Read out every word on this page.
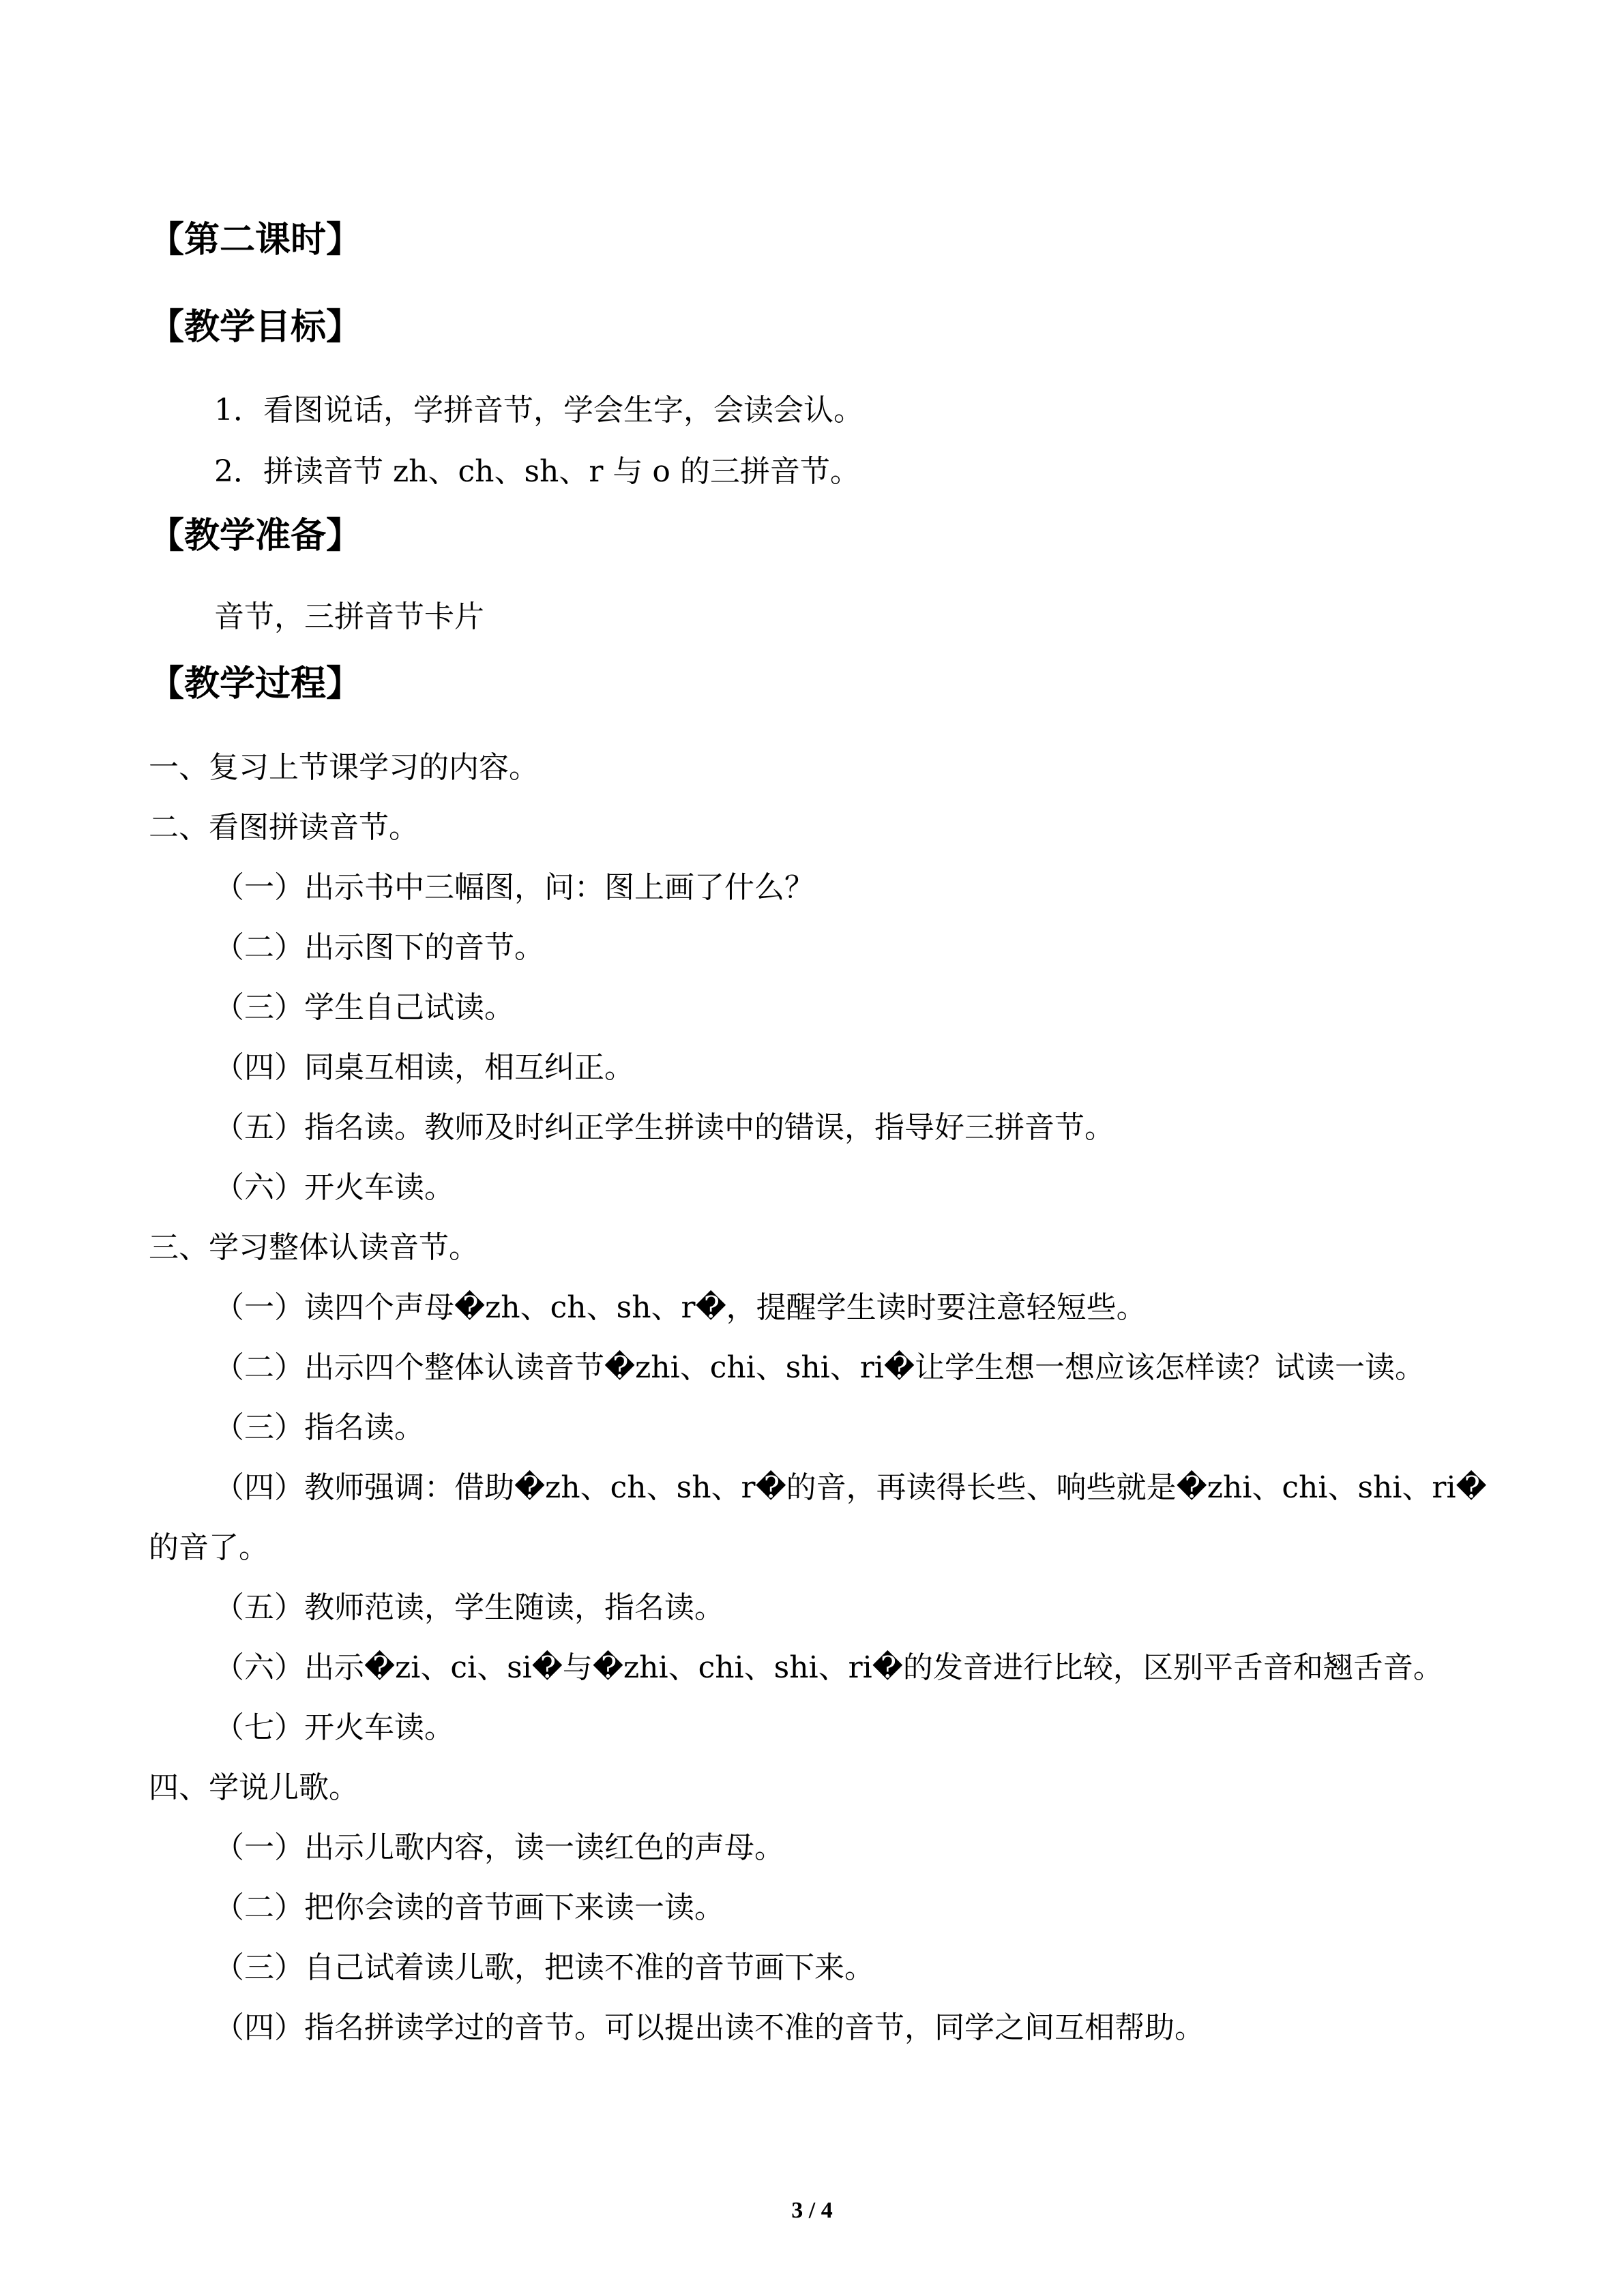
【第二课时】
【教学目标】
1．看图说话，学拼音节，学会生字，会读会认。
2．拼读音节 zh、ch、sh、r 与 o 的三拼音节。
【教学准备】
音节，三拼音节卡片
【教学过程】
一、复习上节课学习的内容。
二、看图拼读音节。
（一）出示书中三幅图，问：图上画了什么？
（二）出示图下的音节。
（三）学生自己试读。
（四）同桌互相读，相互纠正。
（五）指名读。教师及时纠正学生拼读中的错误，指导好三拼音节。
（六）开火车读。
三、学习整体认读音节。
（一）读四个声母�zh、ch、sh、r�，提醒学生读时要注意轻短些。
（二）出示四个整体认读音节�zhi、chi、shi、ri�让学生想一想应该怎样读？试读一读。
（三）指名读。
（四）教师强调：借助�zh、ch、sh、r�的音，再读得长些、响些就是�zhi、chi、shi、ri�
的音了。
（五）教师范读，学生随读，指名读。
（六）出示�zi、ci、si�与�zhi、chi、shi、ri�的发音进行比较，区别平舌音和翘舌音。
（七）开火车读。
四、学说儿歌。
（一）出示儿歌内容，读一读红色的声母。
（二）把你会读的音节画下来读一读。
（三）自己试着读儿歌，把读不准的音节画下来。
（四）指名拼读学过的音节。可以提出读不准的音节，同学之间互相帮助。
3 / 4
